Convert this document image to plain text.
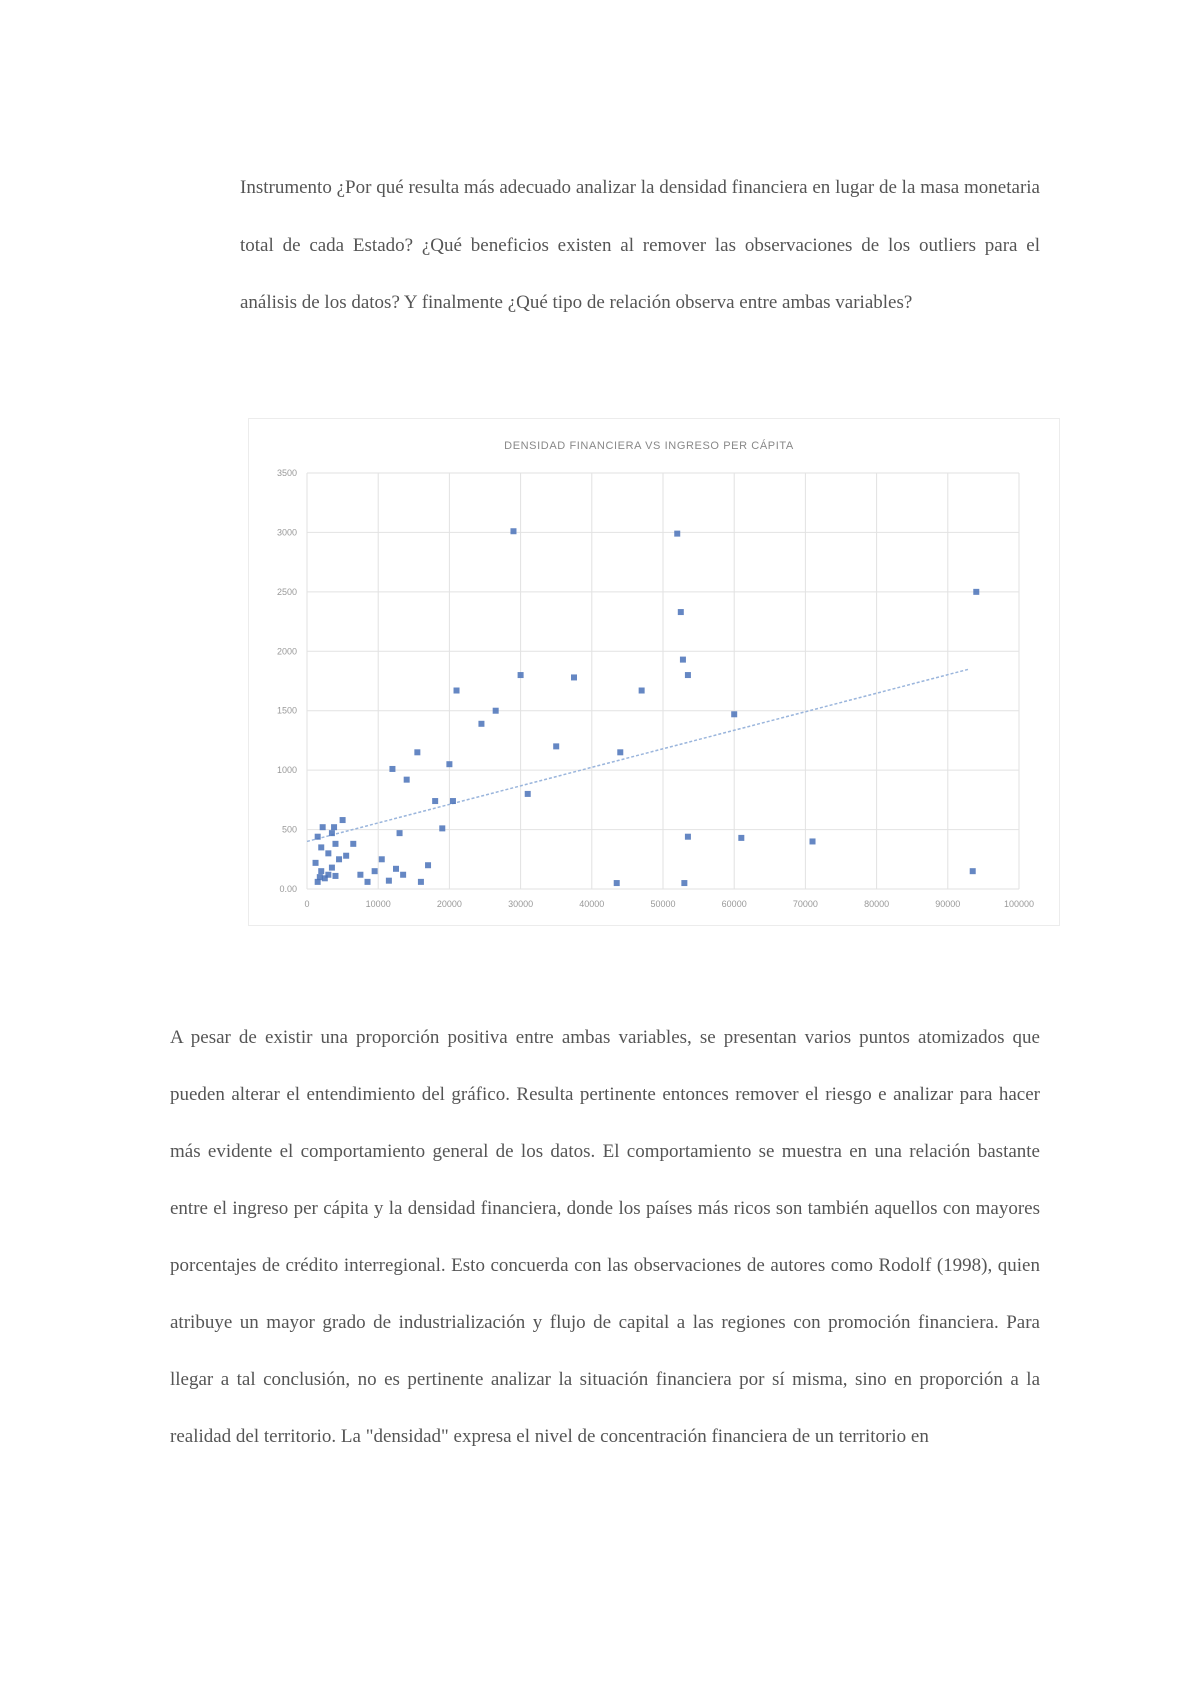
Instrumento ¿Por qué resulta más adecuado analizar la densidad financiera en lugar de la masa monetaria total de cada Estado? ¿Qué beneficios existen al remover las observaciones de los outliers para el análisis de los datos? Y finalmente ¿Qué tipo de relación observa entre ambas variables?

0	10000	20000	30000	40000	50000	60000	70000	80000	90000	100000
0.00
500
1000
1500
2000
2500
3000
3500
DENSIDAD FINANCIERA VS INGRESO PER CÁPITA

A pesar de existir una proporción positiva entre ambas variables, se presentan varios puntos atomizados que pueden alterar el entendimiento del gráfico. Resulta pertinente entonces remover el riesgo e analizar para hacer más evidente el comportamiento general de los datos. El comportamiento se muestra en una relación bastante entre el ingreso per cápita y la densidad financiera, donde los países más ricos son también aquellos con mayores porcentajes de crédito interregional. Esto concuerda con las observaciones de autores como Rodolf (1998), quien atribuye un mayor grado de industrialización y flujo de capital a las regiones con promoción financiera. Para llegar a tal conclusión, no es pertinente analizar la situación financiera por sí misma, sino en proporción a la realidad del territorio. La "densidad" expresa el nivel de concentración financiera de un territorio en
